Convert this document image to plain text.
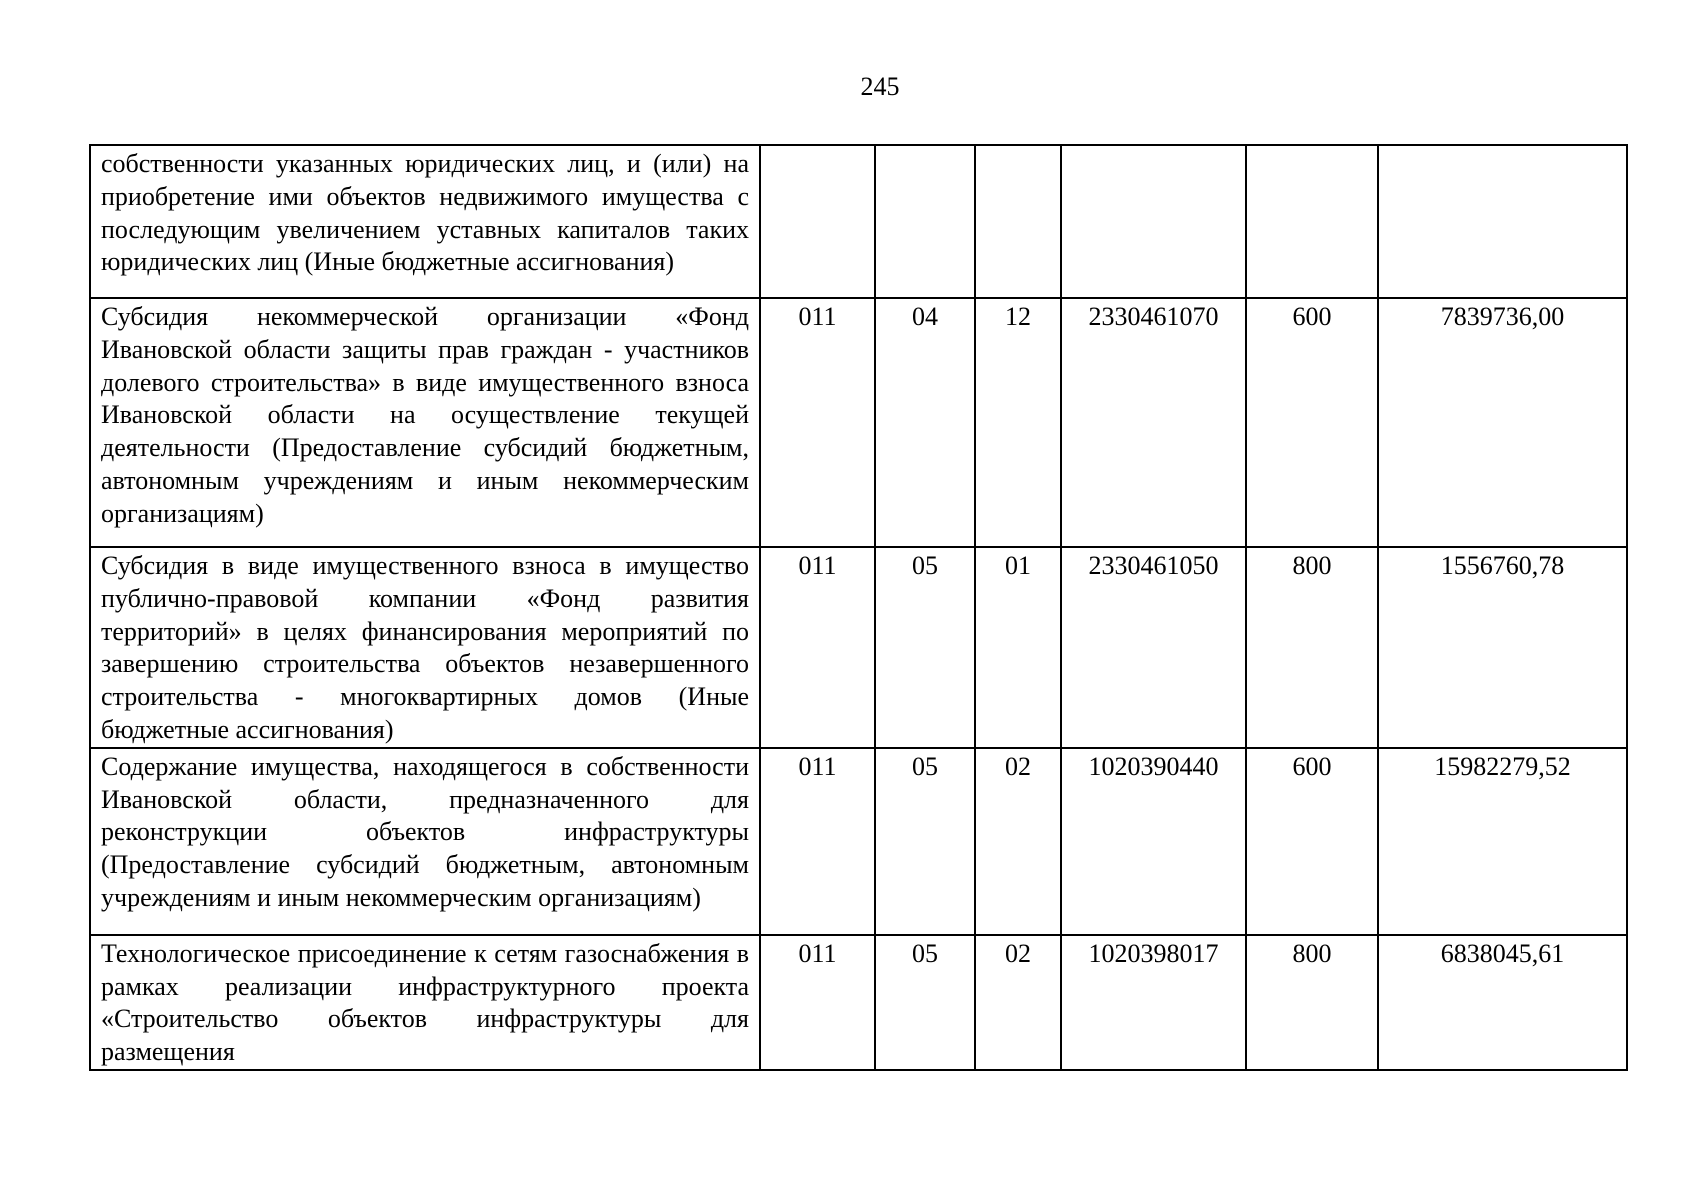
245
собственности указанных юридических лиц, и (или) на приобретение ими объектов недвижимого имущества с последующим увеличением уставных капиталов таких юридических лиц (Иные бюджетные ассигнования)						
Субсидия некоммерческой организации «Фонд Ивановской области защиты прав граждан - участников долевого строительства» в виде имущественного взноса Ивановской области на осуществление текущей деятельности (Предоставление субсидий бюджетным, автономным учреждениям и иным некоммерческим организациям)	011	04	12	2330461070	600	7839736,00
Субсидия в виде имущественного взноса в имущество публично-правовой компании «Фонд развития территорий» в целях финансирования мероприятий по завершению строительства объектов незавершенного строительства - многоквартирных домов (Иные бюджетные ассигнования)	011	05	01	2330461050	800	1556760,78
Содержание имущества, находящегося в собственности Ивановской области, предназначенного для реконструкции объектов инфраструктуры (Предоставление субсидий бюджетным, автономным учреждениям и иным некоммерческим организациям)	011	05	02	1020390440	600	15982279,52
Технологическое присоединение к сетям газоснабжения в рамках реализации инфраструктурного проекта «Строительство объектов инфраструктуры для размещения	011	05	02	1020398017	800	6838045,61
